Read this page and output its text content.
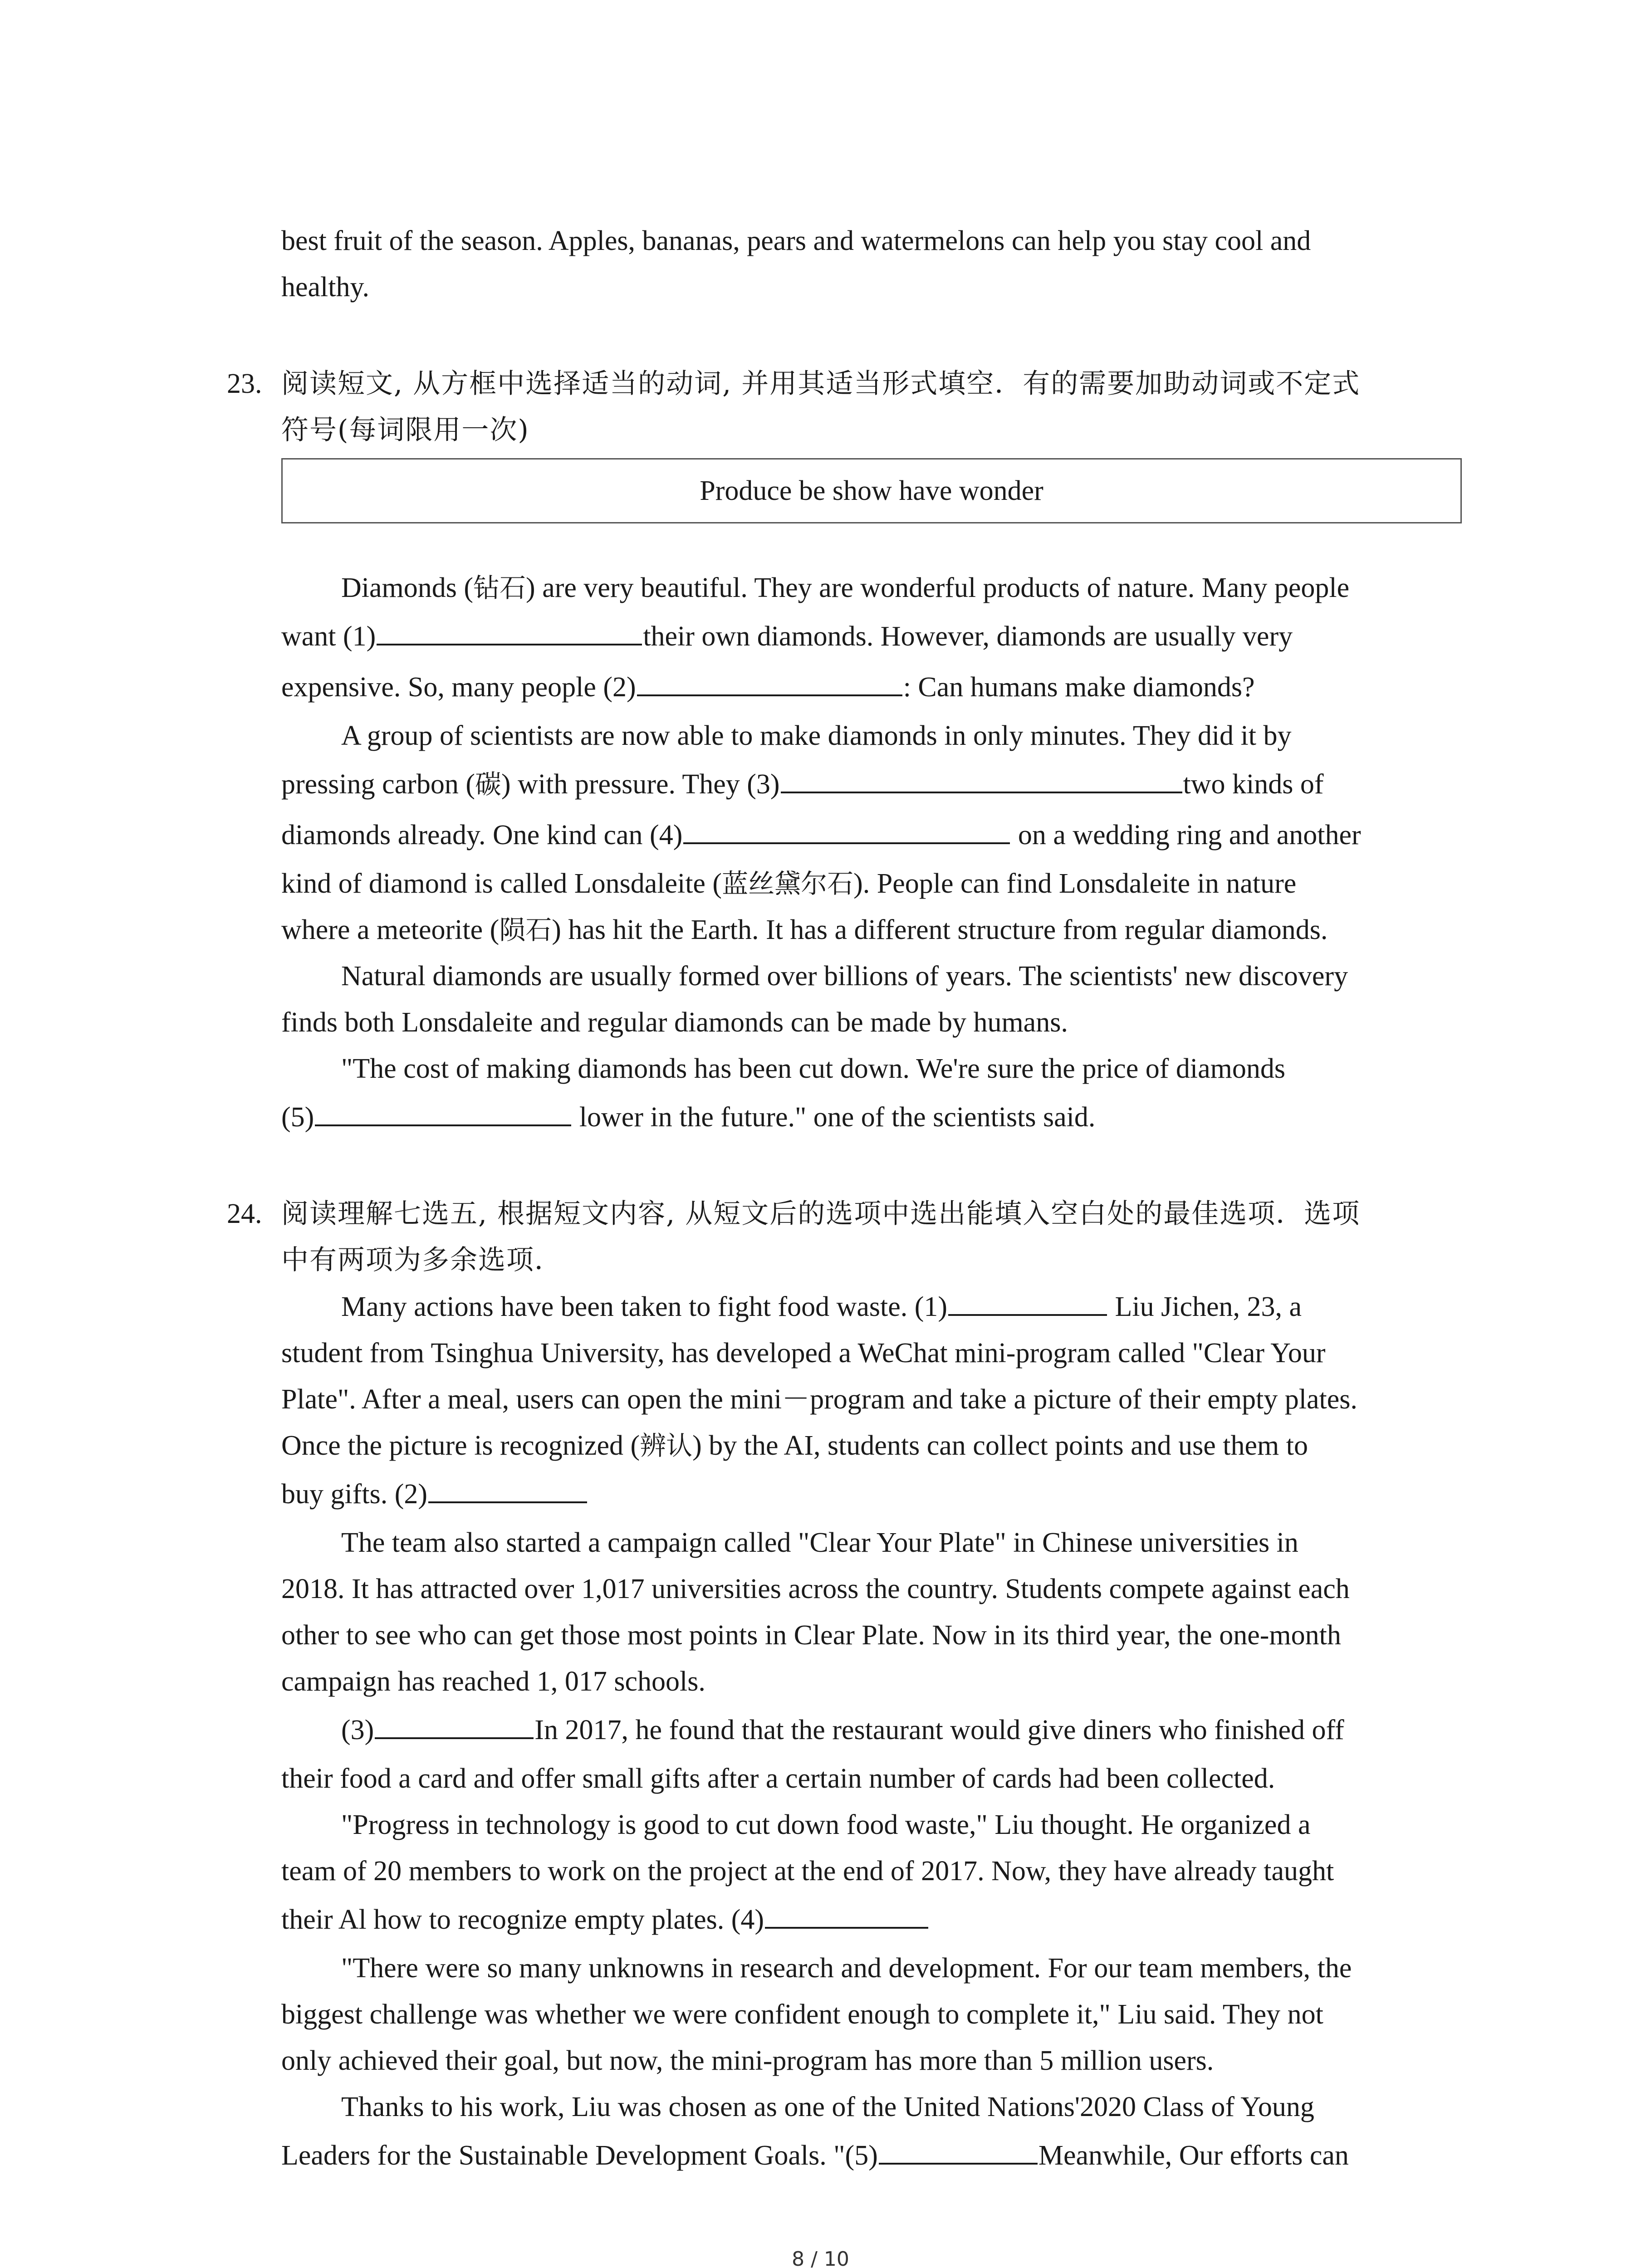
best fruit of the season. Apples, bananas, pears and watermelons can help you stay cool and

healthy.

23. 阅读短文, 从方框中选择适当的动词, 并用其适当形式填空．有的需要加助动词或不定式

符号(每词限用一次)

Produce be show have wonder

Diamonds (钻石) are very beautiful. They are wonderful products of nature. Many people

want (1)	their own diamonds. However, diamonds are usually very

expensive. So, many people (2)	: Can humans make diamonds?

A group of scientists are now able to make diamonds in only minutes. They did it by

pressing carbon (碳) with pressure. They (3)	two kinds of

diamonds already. One kind can (4)	on a wedding ring and another

kind of diamond is called Lonsdaleite (蓝丝黛尔石). People can find Lonsdaleite in nature

where a meteorite (陨石) has hit the Earth. It has a different structure from regular diamonds.

Natural diamonds are usually formed over billions of years. The scientists' new discovery

finds both Lonsdaleite and regular diamonds can be made by humans.

"The cost of making diamonds has been cut down. We're sure the price of diamonds

(5)	lower in the future." one of the scientists said.

24. 阅读理解七选五, 根据短文内容, 从短文后的选项中选出能填入空白处的最佳选项．选项

中有两项为多余选项．

Many actions have been taken to fight food waste. (1)	Liu Jichen, 23, a

student from Tsinghua University, has developed a WeChat mini-program called "Clear Your

Plate". After a meal, users can open the mini－program and take a picture of their empty plates.

Once the picture is recognized (辨认) by the AI, students can collect points and use them to

buy gifts. (2)

The team also started a campaign called "Clear Your Plate" in Chinese universities in

2018. It has attracted over 1,017 universities across the country. Students compete against each

other to see who can get those most points in Clear Plate. Now in its third year, the one-month

campaign has reached 1, 017 schools.

(3)	In 2017, he found that the restaurant would give diners who finished off

their food a card and offer small gifts after a certain number of cards had been collected.

"Progress in technology is good to cut down food waste," Liu thought. He organized a

team of 20 members to work on the project at the end of 2017. Now, they have already taught

their Al how to recognize empty plates. (4)

"There were so many unknowns in research and development. For our team members, the

biggest challenge was whether we were confident enough to complete it," Liu said. They not

only achieved their goal, but now, the mini-program has more than 5 million users.

Thanks to his work, Liu was chosen as one of the United Nations'2020 Class of Young

Leaders for the Sustainable Development Goals. "(5)	Meanwhile, Our efforts can

8 / 10
